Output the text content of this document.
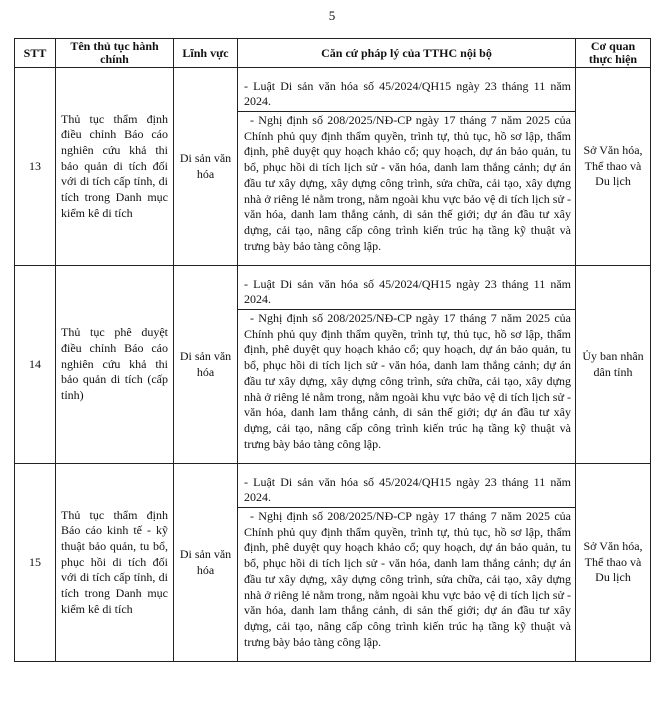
5
STT	Tên thủ tục hành chính	Lĩnh vực	Căn cứ pháp lý của TTHC nội bộ	Cơ quan thực hiện
13	Thủ tục thẩm định điều chỉnh Báo cáo nghiên cứu khả thi bảo quản di tích đối với di tích cấp tỉnh, di tích trong Danh mục kiểm kê di tích	Di sản văn hóa	- Luật Di sản văn hóa số 45/2024/QH15 ngày 23 tháng 11 năm 2024.
- Nghị định số 208/2025/NĐ-CP ngày 17 tháng 7 năm 2025 của Chính phủ quy định thẩm quyền, trình tự, thủ tục, hồ sơ lập, thẩm định, phê duyệt quy hoạch khảo cổ; quy hoạch, dự án bảo quản, tu bổ, phục hồi di tích lịch sử - văn hóa, danh lam thắng cảnh; dự án đầu tư xây dựng, xây dựng công trình, sửa chữa, cải tạo, xây dựng nhà ở riêng lẻ nằm trong, nằm ngoài khu vực bảo vệ di tích lịch sử - văn hóa, danh lam thắng cảnh, di sản thế giới; dự án đầu tư xây dựng, cải tạo, nâng cấp công trình kiến trúc hạ tầng kỹ thuật và trưng bày bảo tàng công lập.	Sở Văn hóa, Thể thao và Du lịch
14	Thủ tục phê duyệt điều chỉnh Báo cáo nghiên cứu khả thi bảo quản di tích (cấp tỉnh)	Di sản văn hóa	- Luật Di sản văn hóa số 45/2024/QH15 ngày 23 tháng 11 năm 2024.
- Nghị định số 208/2025/NĐ-CP ngày 17 tháng 7 năm 2025 của Chính phủ quy định thẩm quyền, trình tự, thủ tục, hồ sơ lập, thẩm định, phê duyệt quy hoạch khảo cổ; quy hoạch, dự án bảo quản, tu bổ, phục hồi di tích lịch sử - văn hóa, danh lam thắng cảnh; dự án đầu tư xây dựng, xây dựng công trình, sửa chữa, cải tạo, xây dựng nhà ở riêng lẻ nằm trong, nằm ngoài khu vực bảo vệ di tích lịch sử - văn hóa, danh lam thắng cảnh, di sản thế giới; dự án đầu tư xây dựng, cải tạo, nâng cấp công trình kiến trúc hạ tầng kỹ thuật và trưng bày bảo tàng công lập.	Ủy ban nhân dân tỉnh
15	Thủ tục thẩm định Báo cáo kinh tế - kỹ thuật bảo quản, tu bổ, phục hồi di tích đối với di tích cấp tỉnh, di tích trong Danh mục kiểm kê di tích	Di sản văn hóa	- Luật Di sản văn hóa số 45/2024/QH15 ngày 23 tháng 11 năm 2024.
- Nghị định số 208/2025/NĐ-CP ngày 17 tháng 7 năm 2025 của Chính phủ quy định thẩm quyền, trình tự, thủ tục, hồ sơ lập, thẩm định, phê duyệt quy hoạch khảo cổ; quy hoạch, dự án bảo quản, tu bổ, phục hồi di tích lịch sử - văn hóa, danh lam thắng cảnh; dự án đầu tư xây dựng, xây dựng công trình, sửa chữa, cải tạo, xây dựng nhà ở riêng lẻ nằm trong, nằm ngoài khu vực bảo vệ di tích lịch sử - văn hóa, danh lam thắng cảnh, di sản thế giới; dự án đầu tư xây dựng, cải tạo, nâng cấp công trình kiến trúc hạ tầng kỹ thuật và trưng bày bảo tàng công lập.	Sở Văn hóa, Thể thao và Du lịch
